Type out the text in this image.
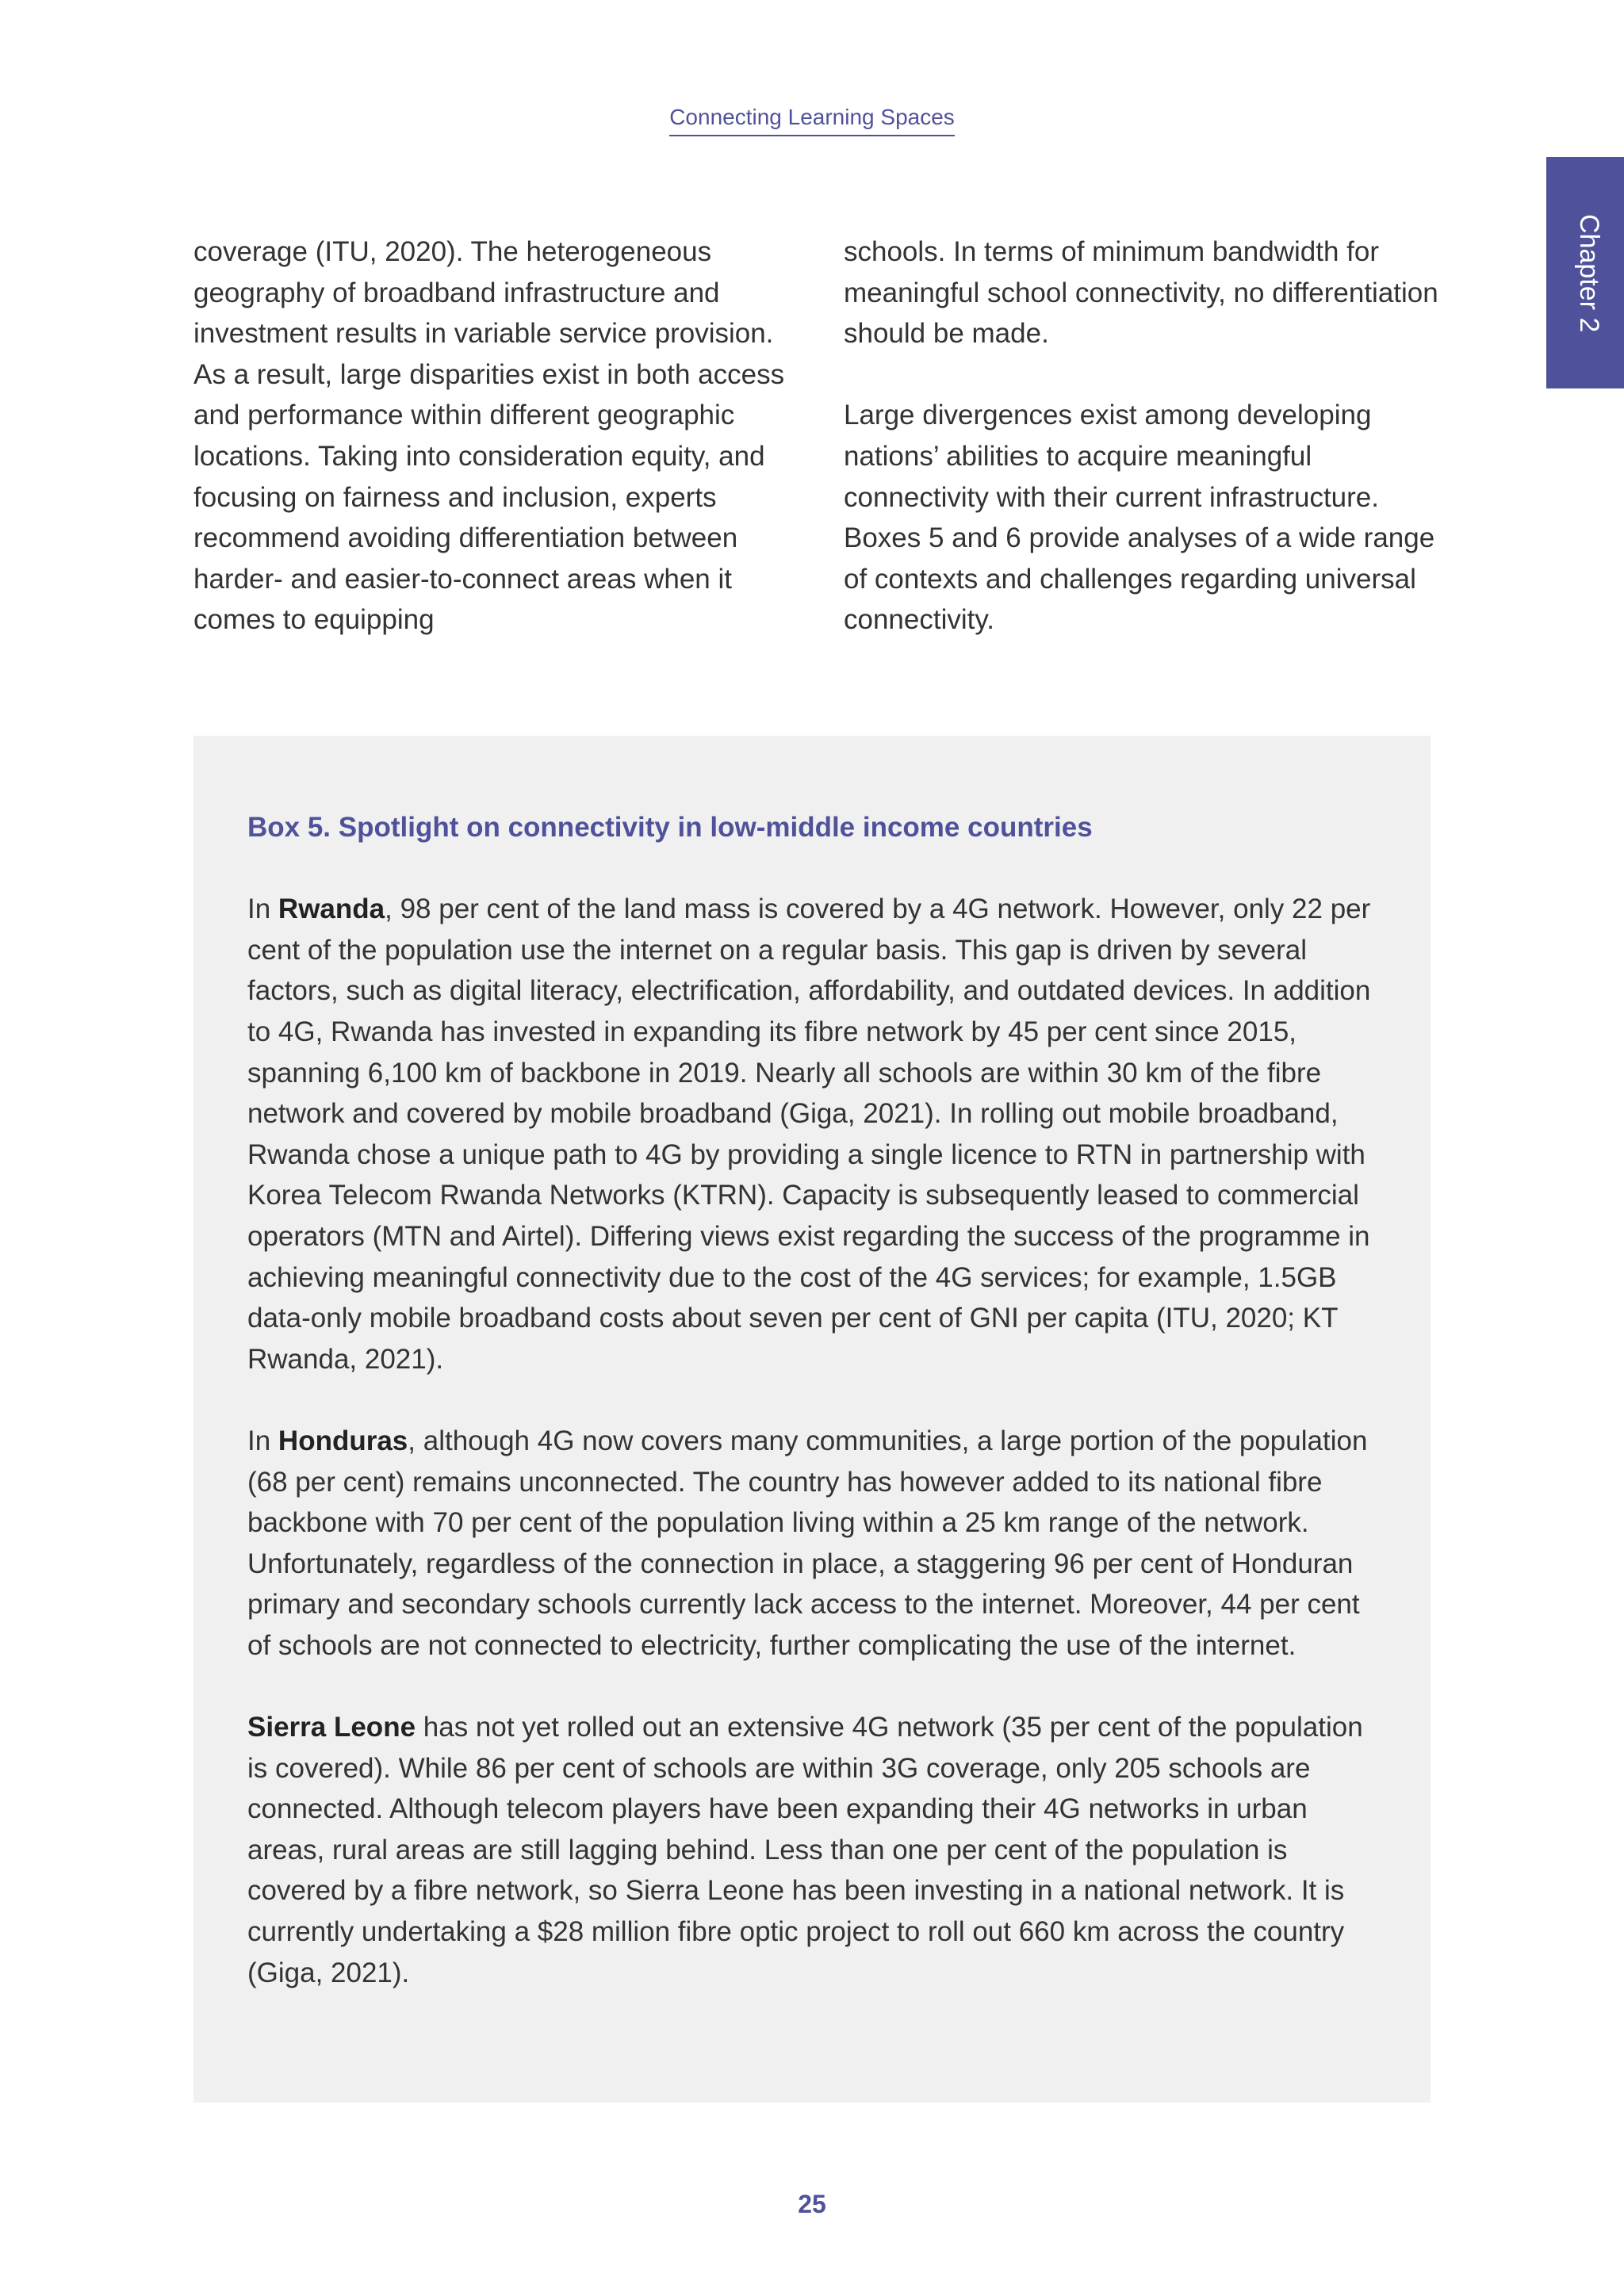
Connecting Learning Spaces
Chapter 2

coverage (ITU, 2020). The heterogeneous geography of broadband infrastructure and investment results in variable service provision. As a result, large disparities exist in both access and performance within different geographic locations. Taking into consideration equity, and focusing on fairness and inclusion, experts recommend avoiding differentiation between harder- and easier-to-connect areas when it comes to equipping

schools. In terms of minimum bandwidth for meaningful school connectivity, no differentiation should be made.

Large divergences exist among developing nations’ abilities to acquire meaningful connectivity with their current infrastructure. Boxes 5 and 6 provide analyses of a wide range of contexts and challenges regarding universal connectivity.

Box 5. Spotlight on connectivity in low-middle income countries

In Rwanda, 98 per cent of the land mass is covered by a 4G network. However, only 22 per cent of the population use the internet on a regular basis. This gap is driven by several factors, such as digital literacy, electrification, affordability, and outdated devices. In addition to 4G, Rwanda has invested in expanding its fibre network by 45 per cent since 2015, spanning 6,100 km of backbone in 2019. Nearly all schools are within 30 km of the fibre network and covered by mobile broadband (Giga, 2021). In rolling out mobile broadband, Rwanda chose a unique path to 4G by providing a single licence to RTN in partnership with Korea Telecom Rwanda Networks (KTRN). Capacity is subsequently leased to commercial operators (MTN and Airtel). Differing views exist regarding the success of the programme in achieving meaningful connectivity due to the cost of the 4G services; for example, 1.5GB data-only mobile broadband costs about seven per cent of GNI per capita (ITU, 2020; KT Rwanda, 2021).

In Honduras, although 4G now covers many communities, a large portion of the population (68 per cent) remains unconnected. The country has however added to its national fibre backbone with 70 per cent of the population living within a 25 km range of the network. Unfortunately, regardless of the connection in place, a staggering 96 per cent of Honduran primary and secondary schools currently lack access to the internet. Moreover, 44 per cent of schools are not connected to electricity, further complicating the use of the internet.

Sierra Leone has not yet rolled out an extensive 4G network (35 per cent of the population is covered). While 86 per cent of schools are within 3G coverage, only 205 schools are connected. Although telecom players have been expanding their 4G networks in urban areas, rural areas are still lagging behind. Less than one per cent of the population is covered by a fibre network, so Sierra Leone has been investing in a national network. It is currently undertaking a $28 million fibre optic project to roll out 660 km across the country (Giga, 2021).

25
